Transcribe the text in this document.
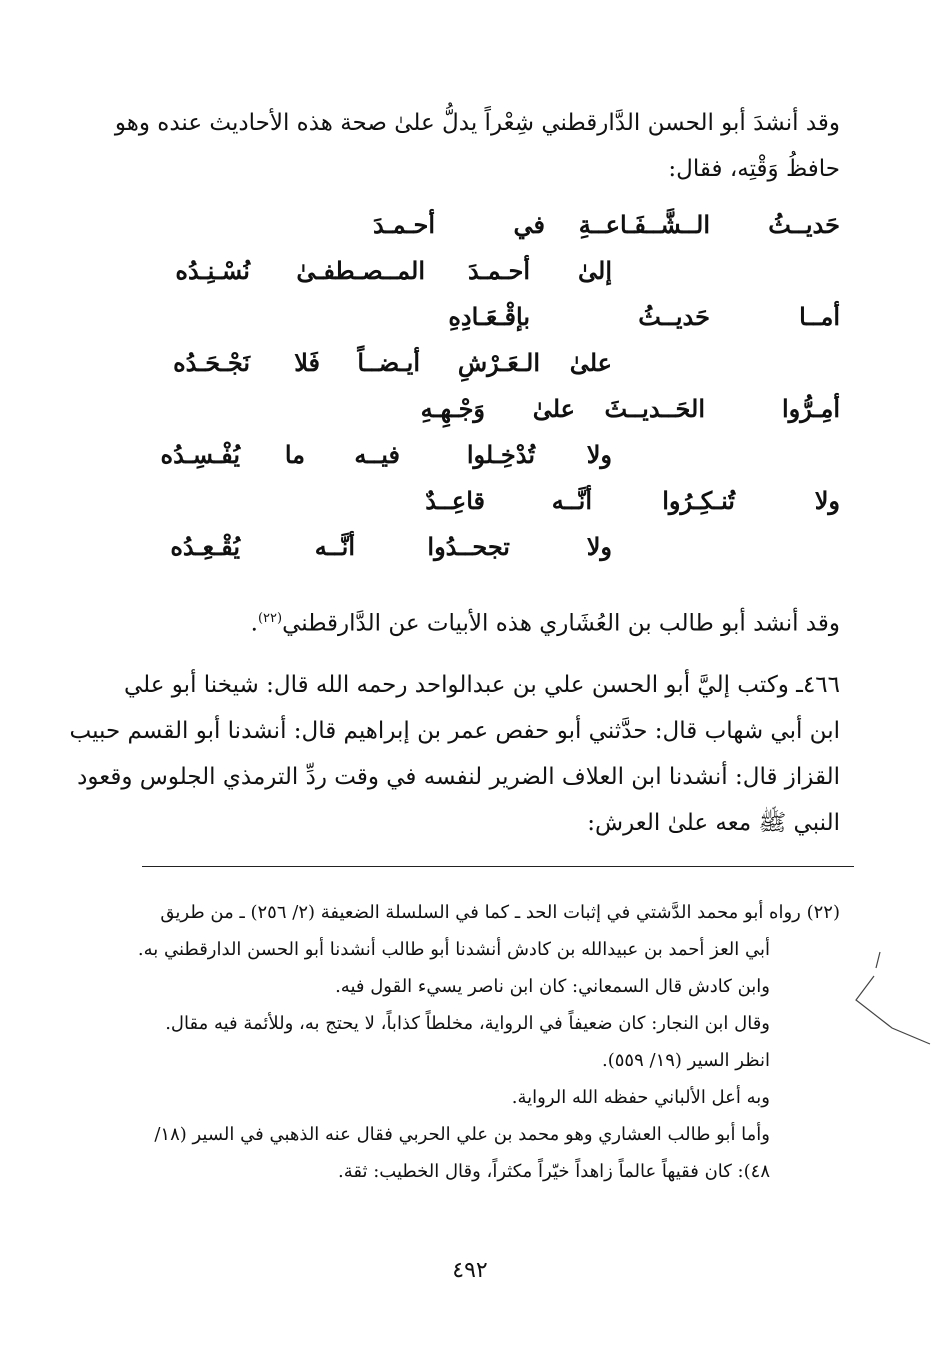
وقد أنشدَ أبو الحسن الدَّارقطني شِعْراً يدلُّ علىٰ صحة هذه الأحاديث عنده وهو
حافظُ وَقْتِه، فقال:
حَديــثُ
الــشَّــفَـاعــةِ
في
أحـمـدَ
إلىٰ
أحـمـدَ
المــصـطفـىٰ
نُسْـنِـدُه
أمــا
حَديــثُ
بإقْـعَـادِهِ
علىٰ
الـعَـرْشِ
أيـضــاً
فَلا
نَجْـحَـدُه
أمِـرُّوا
الحَــديــثَ
علىٰ
وَجْـهِـهِ
ولا
تُدْخِـلوا
فيــه
ما
يُفْـسِـدُه
ولا
تُنـكِـرُوا
أنَّــه
قاعِــدٌ
ولا
تجحــدُوا
أنَّــه
يُقْـعِـدُه
وقد أنشد أبو طالب بن العُشَاري هذه الأبيات عن الدَّارقطني$^{(٢٢)}$.
٤٦٦ـ وكتب إليَّ أبو الحسن علي بن عبدالواحد رحمه الله قال: شيخنا أبو علي
ابن أبي شهاب قال: حدَّثني أبو حفص عمر بن إبراهيم قال: أنشدنا أبو القسم حبيب
القزاز قال: أنشدنا ابن العلاف الضرير لنفسه في وقت ردِّ الترمذي الجلوس وقعود
النبي ﷺ معه علىٰ العرش:
(٢٢) رواه أبو محمد الدَّشتي في إثبات الحد ـ كما في السلسلة الضعيفة (٢/ ٢٥٦) ـ من طريق
أبي العز أحمد بن عبيدالله بن كادش أنشدنا أبو طالب أنشدنا أبو الحسن الدارقطني به.
وابن كادش قال السمعاني: كان ابن ناصر يسيء القول فيه.
وقال ابن النجار: كان ضعيفاً في الرواية، مخلطاً كذاباً، لا يحتج به، وللأئمة فيه مقال.
انظر السير (١٩/ ٥٥٩).
وبه أعل الألباني حفظه الله الرواية.
وأما أبو طالب العشاري وهو محمد بن علي الحربي فقال عنه الذهبي في السير (١٨/
٤٨): كان فقيهاً عالماً زاهداً خيّراً مكثراً، وقال الخطيب: ثقة.
٤٩٢
